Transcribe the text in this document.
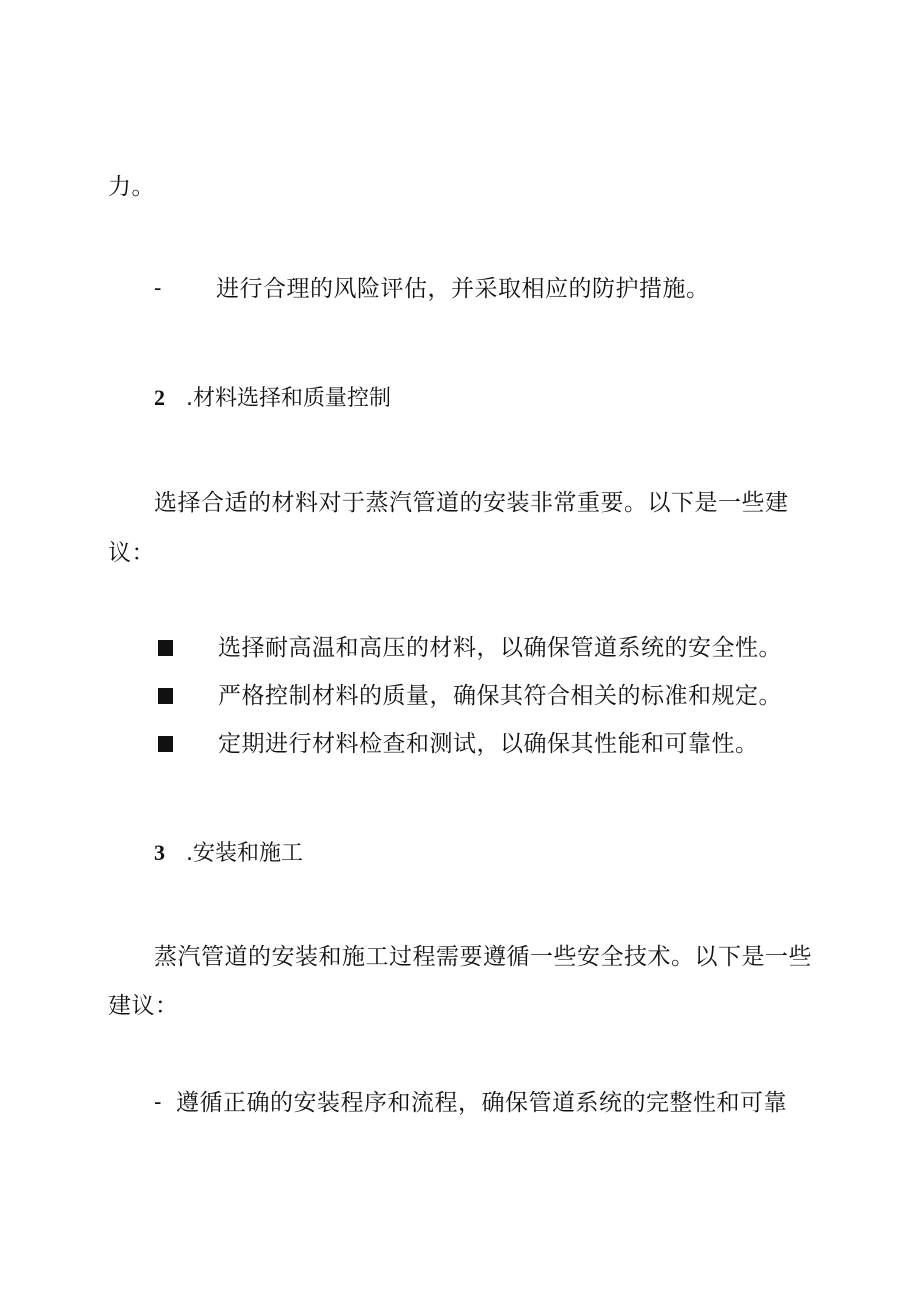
力。
- 进行合理的风险评估，并采取相应的防护措施。
2 .材料选择和质量控制
选择合适的材料对于蒸汽管道的安装非常重要。以下是一些建
议：
选择耐高温和高压的材料，以确保管道系统的安全性。
严格控制材料的质量，确保其符合相关的标准和规定。
定期进行材料检查和测试，以确保其性能和可靠性。
3 .安装和施工
蒸汽管道的安装和施工过程需要遵循一些安全技术。以下是一些
建议：
- 遵循正确的安装程序和流程，确保管道系统的完整性和可靠
